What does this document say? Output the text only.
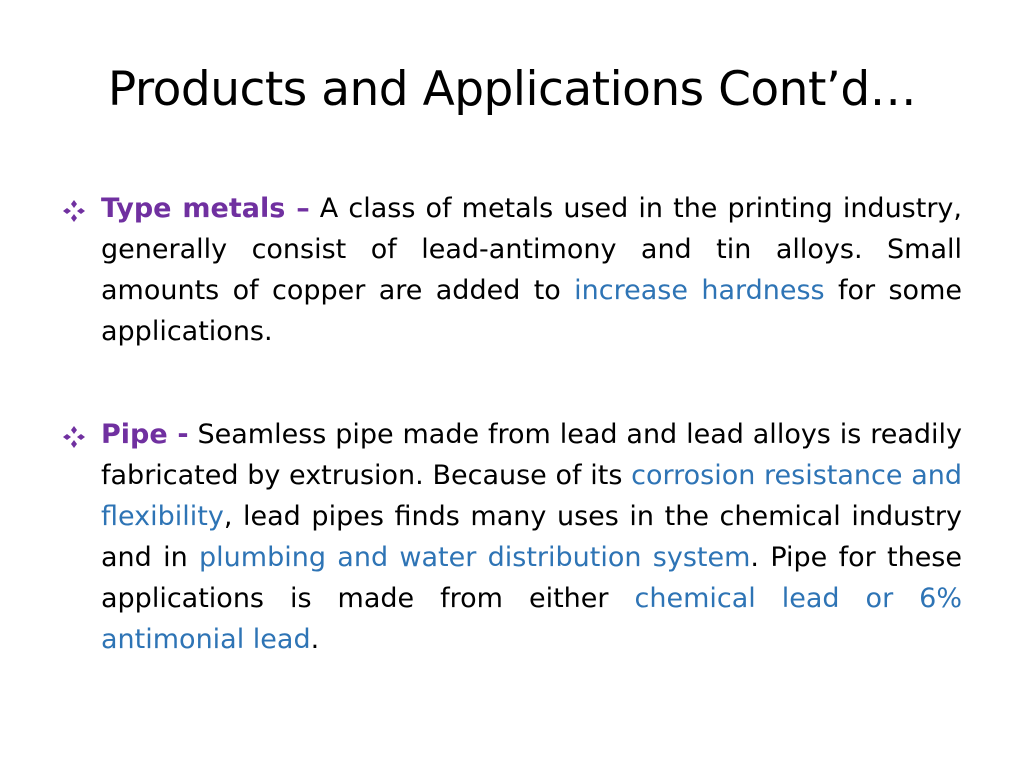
Products and Applications Cont’d…
Type metals – A class of metals used in the printing industry, generally consist of lead-antimony and tin alloys. Small amounts of copper are added to increase hardness for some applications.
Pipe - Seamless pipe made from lead and lead alloys is readily fabricated by extrusion. Because of its corrosion resistance and flexibility, lead pipes finds many uses in the chemical industry and in plumbing and water distribution system. Pipe for these applications is made from either chemical lead or 6% antimonial lead.
